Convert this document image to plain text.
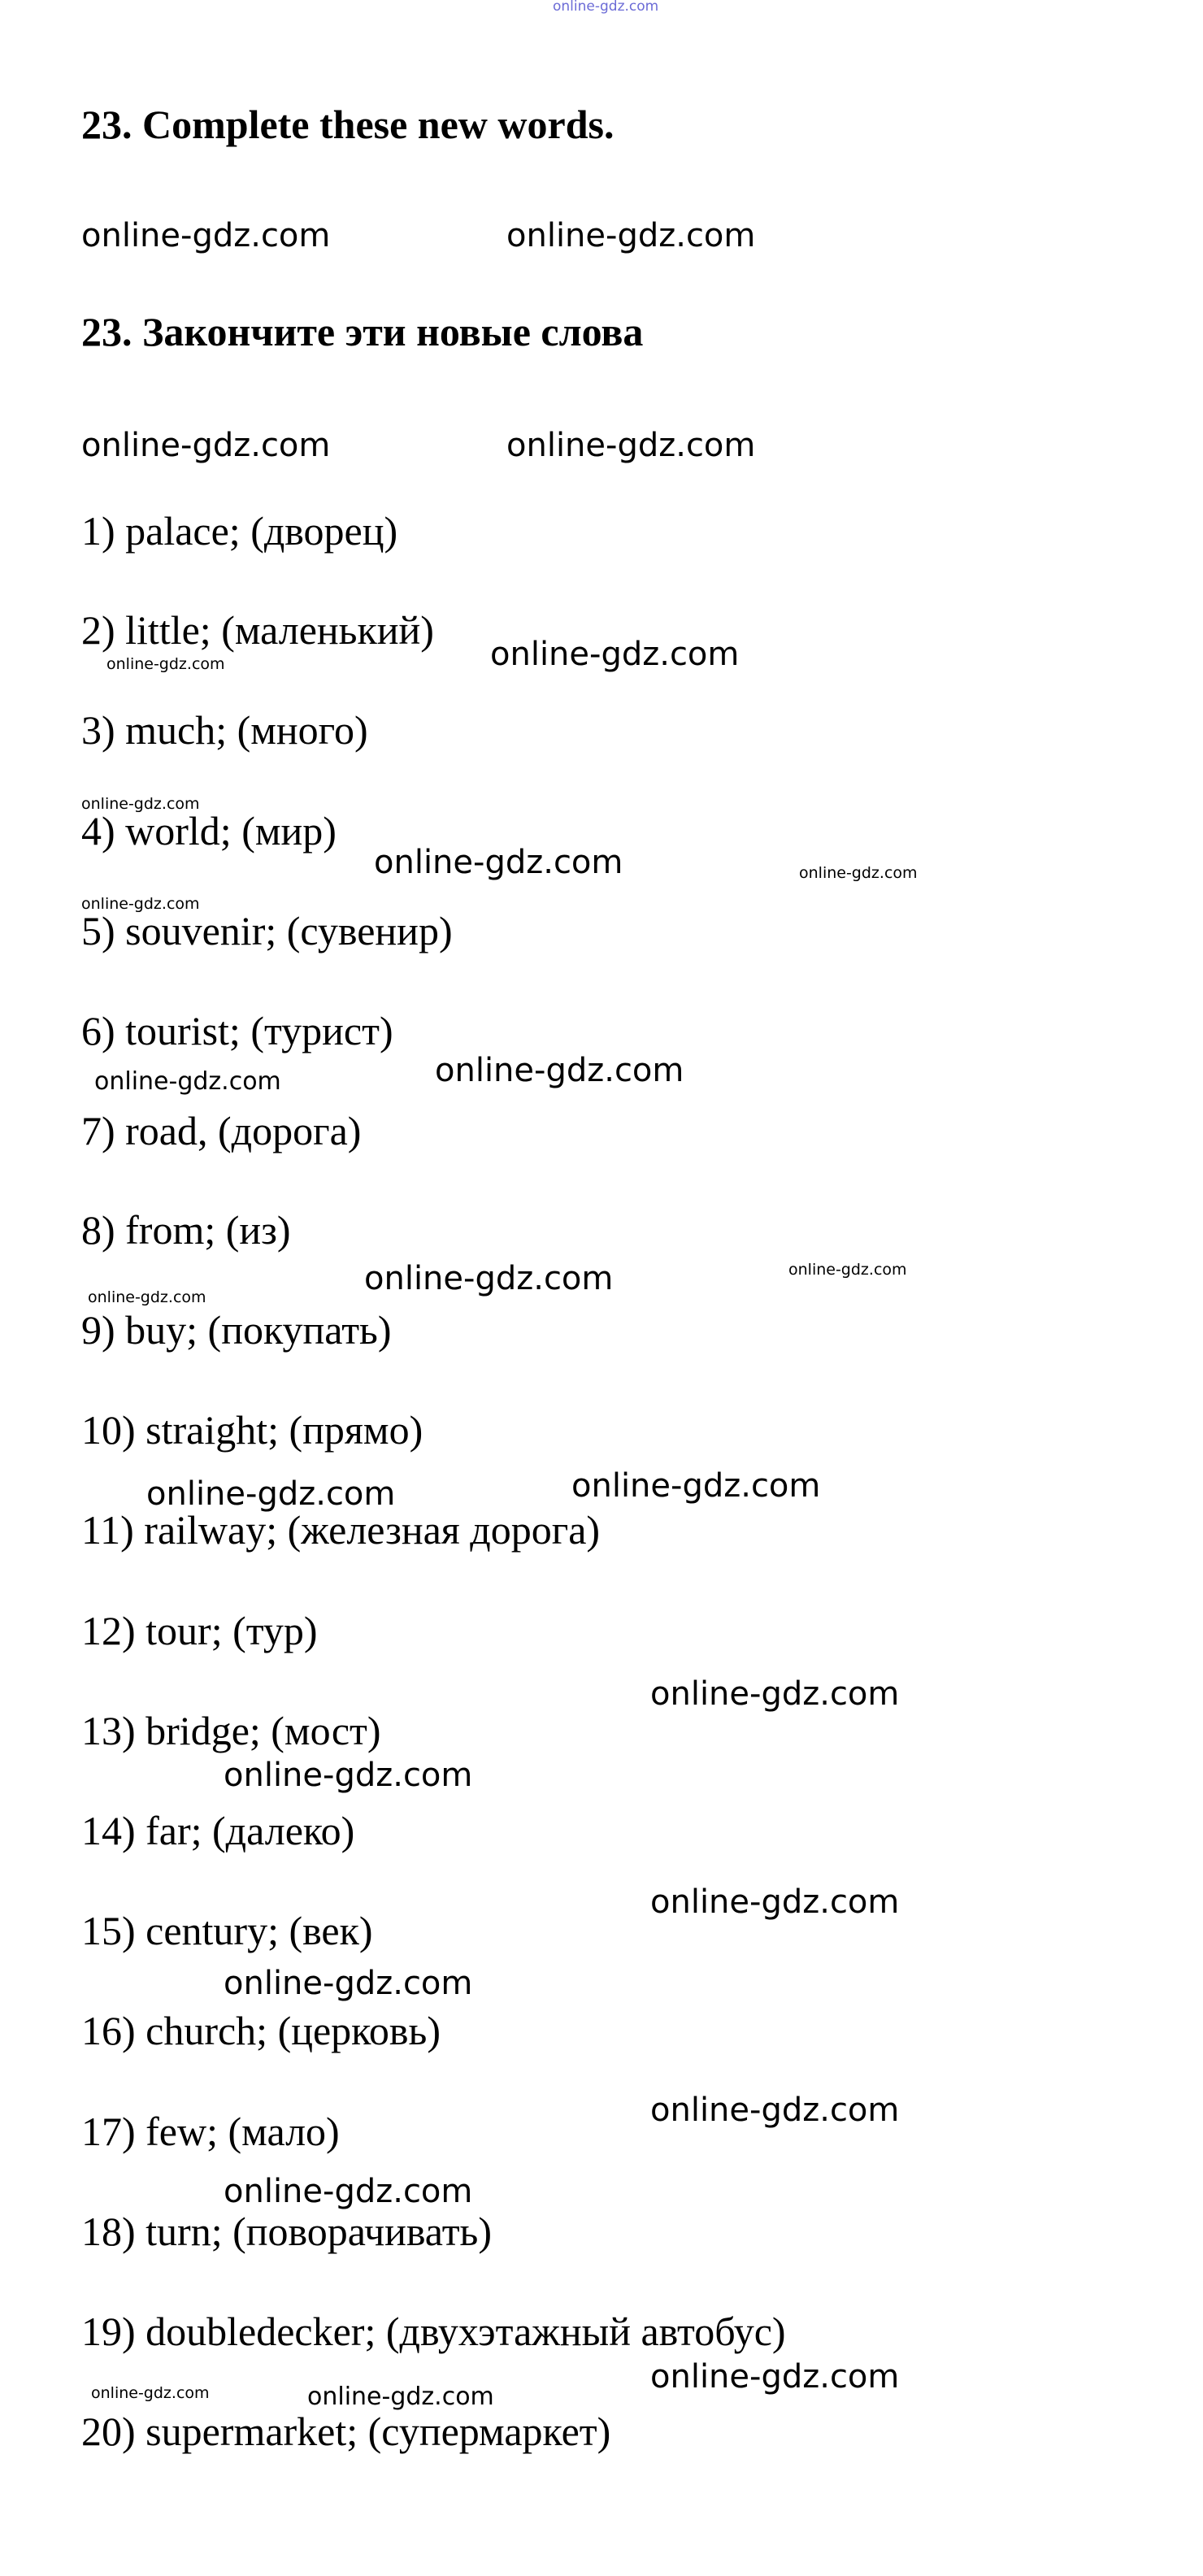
online-gdz.com
23. Complete these new words.
23. Закончите эти новые слова
1) palace; (дворец)
2) little; (маленький)
3) much; (много)
4) world; (мир)
5) souvenir; (сувенир)
6) tourist; (турист)
7) road, (дорога)
8) from; (из)
9) buy; (покупать)
10) straight; (прямо)
11) railway; (железная дорога)
12) tour; (тур)
13) bridge; (мост)
14) far; (далеко)
15) century; (век)
16) church; (церковь)
17) few; (мало)
18) turn; (поворачивать)
19) doubledecker; (двухэтажный автобус)
20) supermarket; (супермаркет)
online-gdz.com	online-gdz.com
online-gdz.com	online-gdz.com
online-gdz.com
online-gdz.com
online-gdz.com
online-gdz.com
online-gdz.com	online-gdz.com
online-gdz.com
online-gdz.com
online-gdz.com
online-gdz.com
online-gdz.com
online-gdz.com
online-gdz.com
online-gdz.com
online-gdz.com
online-gdz.com
online-gdz.com
online-gdz.com
online-gdz.com
online-gdz.com
online-gdz.com	online-gdz.com
